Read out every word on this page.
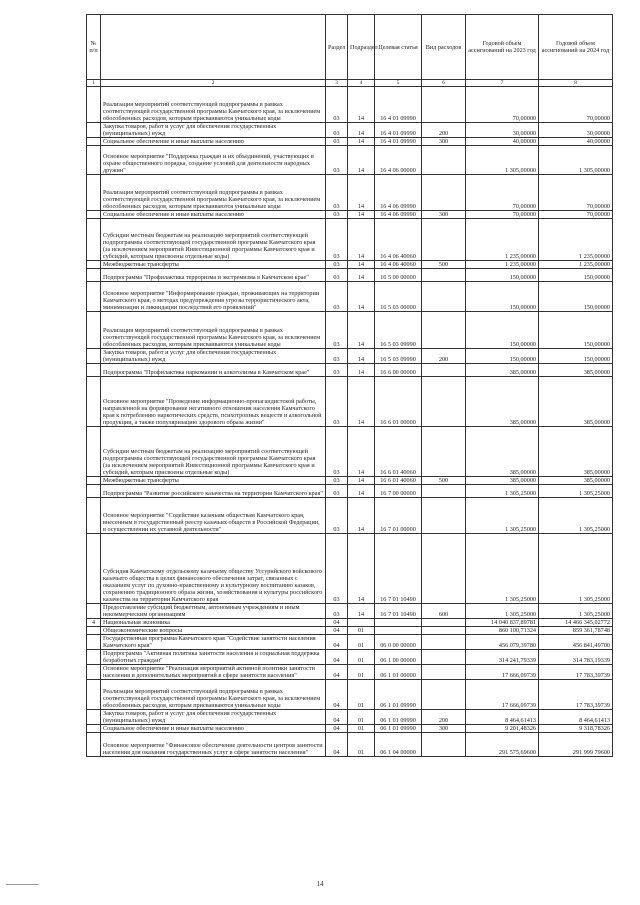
№ п/п		Раздел	Подраздел	Целевая статья	Вид расходов	Годовой объем ассигнований на 2023 год	Годовой объем ассигнований на 2024 год
1	2	3	4	5	6	7	8
	Реализация мероприятий соответствующей подпрограммы в рамках соответствующей государственной программы Камчатского края, за исключением обособленных расходов, которым присваиваются уникальные коды	03	14	16 4 01 09990		70,00000	70,00000
	Закупка товаров, работ и услуг для обеспечения государственных (муниципальных) нужд	03	14	16 4 01 09990	200	30,00000	30,00000
	Социальное обеспечение и иные выплаты населению	03	14	16 4 01 09990	300	40,00000	40,00000
	Основное мероприятие "Поддержка граждан и их объединений, участвующих в охране общественного порядка, создание условий для деятельности народных дружин"	03	14	16 4 06 00000		1 305,00000	1 305,00000
	Реализация мероприятий соответствующей подпрограммы в рамках соответствующей государственной программы Камчатского края, за исключением обособленных расходов, которым присваиваются уникальные коды	03	14	16 4 06 09990		70,00000	70,00000
	Социальное обеспечение и иные выплаты населению	03	14	16 4 06 09990	300	70,00000	70,00000
	Субсидии местным бюджетам на реализацию мероприятий соответствующей подпрограммы соответствующей государственной программы Камчатского края (за исключением мероприятий Инвестиционной программы Камчатского края и субсидий, которым присвоены отдельные коды)	03	14	16 4 06 40060		1 235,00000	1 235,00000
	Межбюджетные трансферты	03	14	16 4 06 40060	500	1 235,00000	1 235,00000
	Подпрограмма "Профилактика терроризма и экстремизма в Камчатском крае"	03	14	16 5 00 00000		150,00000	150,00000
	Основное мероприятие "Информирование граждан, проживающих на территории Камчатского края, о методах предупреждения угрозы террористического акта, минимизации и ликвидации последствий его проявлений"	03	14	16 5 03 00000		150,00000	150,00000
	Реализация мероприятий соответствующей подпрограммы в рамках соответствующей государственной программы Камчатского края, за исключением обособленных расходов, которым присваиваются уникальные коды	03	14	16 5 03 09990		150,00000	150,00000
	Закупка товаров, работ и услуг для обеспечения государственных (муниципальных) нужд	03	14	16 5 03 09990	200	150,00000	150,00000
	Подпрограмма "Профилактика наркомании и алкоголизма в Камчатском крае"	03	14	16 6 00 00000		385,00000	385,00000
	Основное мероприятие "Проведение информационно-пропагандистской работы, направленной на формирование негативного отношения населения Камчатского края к потреблению наркотических средств, психотропных веществ и алкогольной продукции, а также популяризацию здорового образа жизни"	03	14	16 6 01 00000		385,00000	385,00000
	Субсидии местным бюджетам на реализацию мероприятий соответствующей подпрограммы соответствующей государственной программы Камчатского края (за исключением мероприятий Инвестиционной программы Камчатского края и субсидий, которым присвоены отдельные коды)	03	14	16 6 01 40060		385,00000	385,00000
	Межбюджетные трансферты	03	14	16 6 01 40060	500	385,00000	385,00000
	Подпрограмма "Развитие российского казачества на территории Камчатского края"	03	14	16 7 00 00000		1 305,25000	1 305,25000
	Основное мероприятие "Содействие казачьим обществам Камчатского края, внесенным в государственный реестр казачьих обществ в Российской Федерации, в осуществлении их уставной деятельности"	03	14	16 7 01 00000		1 305,25000	1 305,25000
	Субсидия Камчатскому отдельскому казачьему обществу Уссурийского войскового казачьего общества в целях финансового обеспечения затрат, связанных с оказанием услуг по духовно-нравственному и культурному воспитанию казаков, сохранению традиционного образа жизни, хозяйствования и культуры российского казачества на территории Камчатского края	03	14	16 7 01 10490		1 305,25000	1 305,25000
	Предоставление субсидий бюджетным, автономным учреждениям и иным некоммерческим организациям	03	14	16 7 01 10490	600	1 305,25000	1 305,25000
4	Национальная экономика	04				14 040 837,89781	14 466 345,02772
	Общеэкономические вопросы	04	01			860 100,71324	859 361,78748
	Государственная программа Камчатского края "Содействие занятости населения Камчатского края"	04	01	06 0 00 00000		456 079,39780	456 841,49700
	Подпрограмма "Активная политика занятости населения и социальная поддержка безработных граждан"	04	01	06 1 00 00000		314 241,79339	314 783,19339
	Основное мероприятие "Реализация мероприятий активной политики занятости населения и дополнительных мероприятий в сфере занятости населения"	04	01	06 1 01 00000		17 666,09739	17 783,39739
	Реализация мероприятий соответствующей подпрограммы в рамках соответствующей государственной программы Камчатского края, за исключением обособленных расходов, которым присваиваются уникальные коды	04	01	06 1 01 09990		17 666,09739	17 783,39739
	Закупка товаров, работ и услуг для обеспечения государственных (муниципальных) нужд	04	01	06 1 01 09990	200	8 464,61413	8 464,61413
	Социальное обеспечение и иные выплаты населению	04	01	06 1 01 09990	300	9 201,48326	9 318,78326
	Основное мероприятие "Финансовое обеспечение деятельности центров занятости населения для оказания государственных услуг в сфере занятости населения"	04	01	06 1 04 00000		291 575,69600	291 999 79600
14
